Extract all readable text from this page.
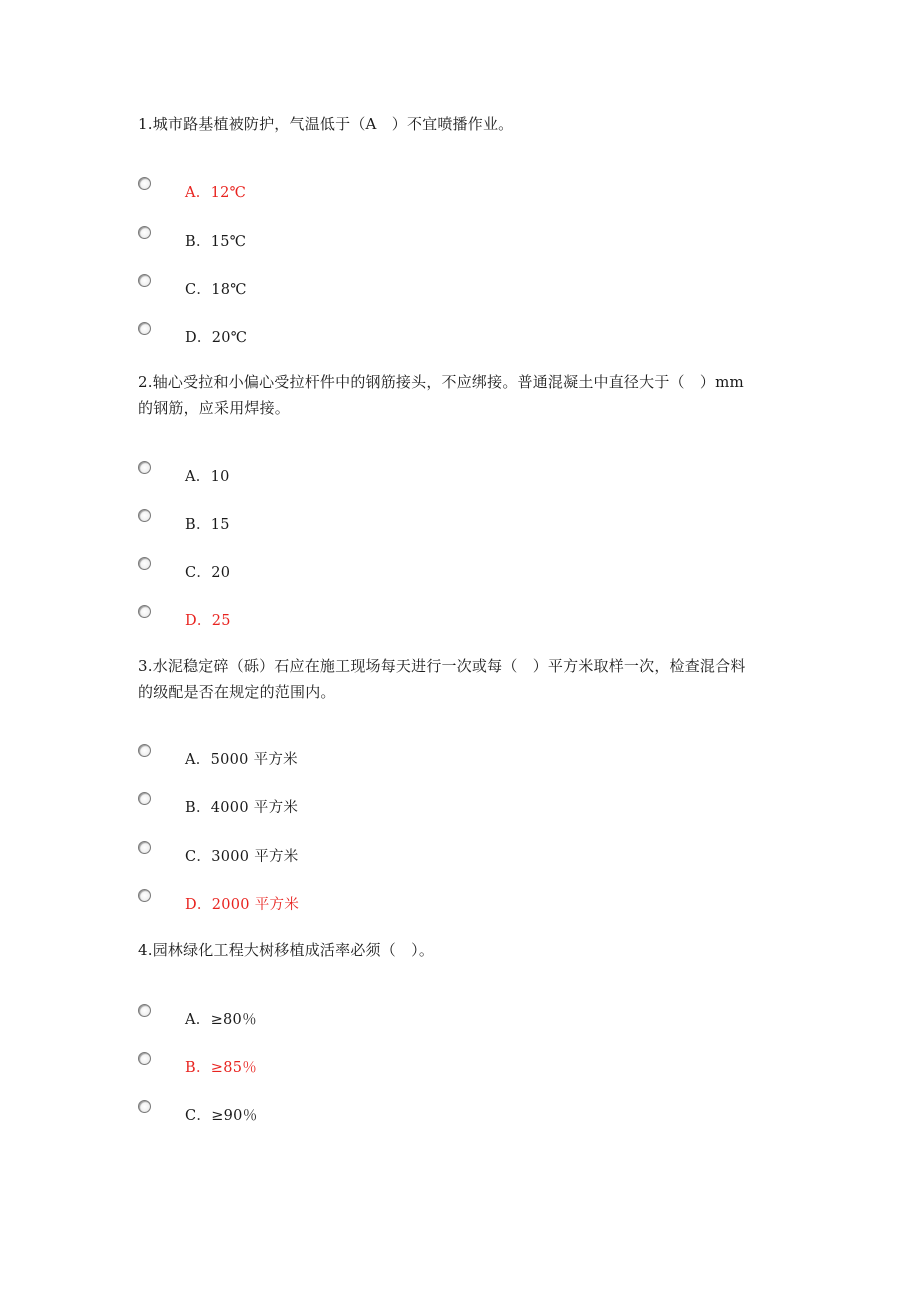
1.城市路基植被防护，气温低于（A　）不宜喷播作业。
A．12℃
B．15℃
C．18℃
D．20℃
2.轴心受拉和小偏心受拉杆件中的钢筋接头，不应绑接。普通混凝土中直径大于（　）mm
的钢筋，应采用焊接。
A．10
B．15
C．20
D．25
3.水泥稳定碎（砾）石应在施工现场每天进行一次或每（　）平方米取样一次，检查混合料
的级配是否在规定的范围内。
A．5000 平方米
B．4000 平方米
C．3000 平方米
D．2000 平方米
4.园林绿化工程大树移植成活率必须（　）。
A．≥80％
B．≥85％
C．≥90％
